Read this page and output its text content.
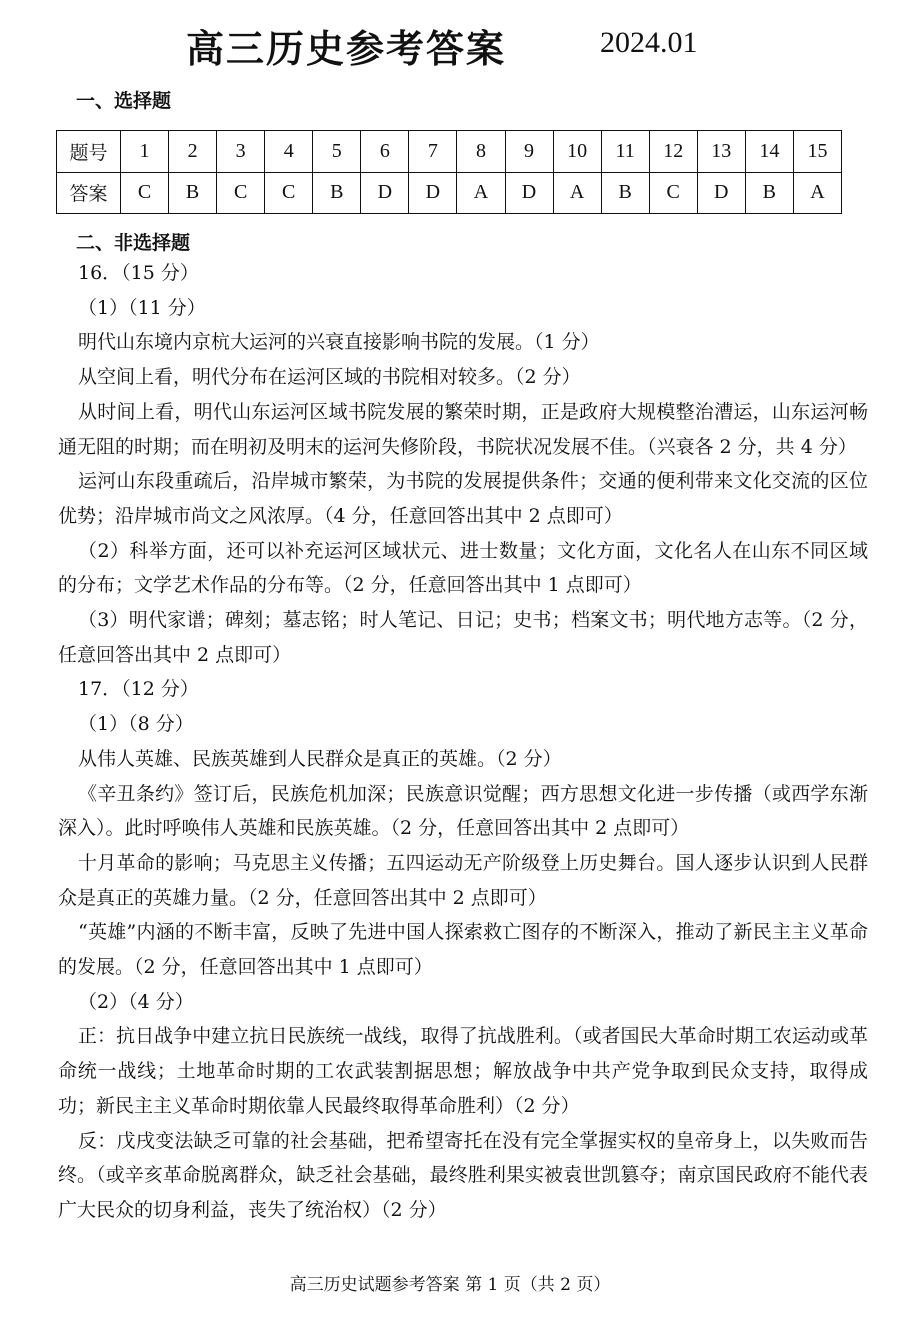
高三历史参考答案	2024.01
一、选择题
题号	1	2	3	4	5	6	7	8	9	10	11	12	13	14	15
答案	C	B	C	C	B	D	D	A	D	A	B	C	D	B	A
二、非选择题

16．（15 分）

（1）（11 分）

明代山东境内京杭大运河的兴衰直接影响书院的发展。（1 分）

从空间上看，明代分布在运河区域的书院相对较多。（2 分）

从时间上看，明代山东运河区域书院发展的繁荣时期，正是政府大规模整治漕运，山东运河畅通无阻的时期；而在明初及明末的运河失修阶段，书院状况发展不佳。（兴衰各 2 分，共 4 分）

运河山东段重疏后，沿岸城市繁荣，为书院的发展提供条件；交通的便利带来文化交流的区位优势；沿岸城市尚文之风浓厚。（4 分，任意回答出其中 2 点即可）

（2）科举方面，还可以补充运河区域状元、进士数量；文化方面，文化名人在山东不同区域的分布；文学艺术作品的分布等。（2 分，任意回答出其中 1 点即可）

（3）明代家谱；碑刻；墓志铭；时人笔记、日记；史书；档案文书；明代地方志等。（2 分，任意回答出其中 2 点即可）

17．（12 分）

（1）（8 分）

从伟人英雄、民族英雄到人民群众是真正的英雄。（2 分）

《辛丑条约》签订后，民族危机加深；民族意识觉醒；西方思想文化进一步传播（或西学东渐深入）。此时呼唤伟人英雄和民族英雄。（2 分，任意回答出其中 2 点即可）

十月革命的影响；马克思主义传播；五四运动无产阶级登上历史舞台。国人逐步认识到人民群众是真正的英雄力量。（2 分，任意回答出其中 2 点即可）

“英雄”内涵的不断丰富，反映了先进中国人探索救亡图存的不断深入，推动了新民主主义革命的发展。（2 分，任意回答出其中 1 点即可）

（2）（4 分）

正：抗日战争中建立抗日民族统一战线，取得了抗战胜利。（或者国民大革命时期工农运动或革命统一战线；土地革命时期的工农武装割据思想；解放战争中共产党争取到民众支持，取得成功；新民主主义革命时期依靠人民最终取得革命胜利）（2 分）

反：戊戌变法缺乏可靠的社会基础，把希望寄托在没有完全掌握实权的皇帝身上，以失败而告终。（或辛亥革命脱离群众，缺乏社会基础，最终胜利果实被袁世凯篡夺；南京国民政府不能代表广大民众的切身利益，丧失了统治权）（2 分）

高三历史试题参考答案 第 1 页（共 2 页）
